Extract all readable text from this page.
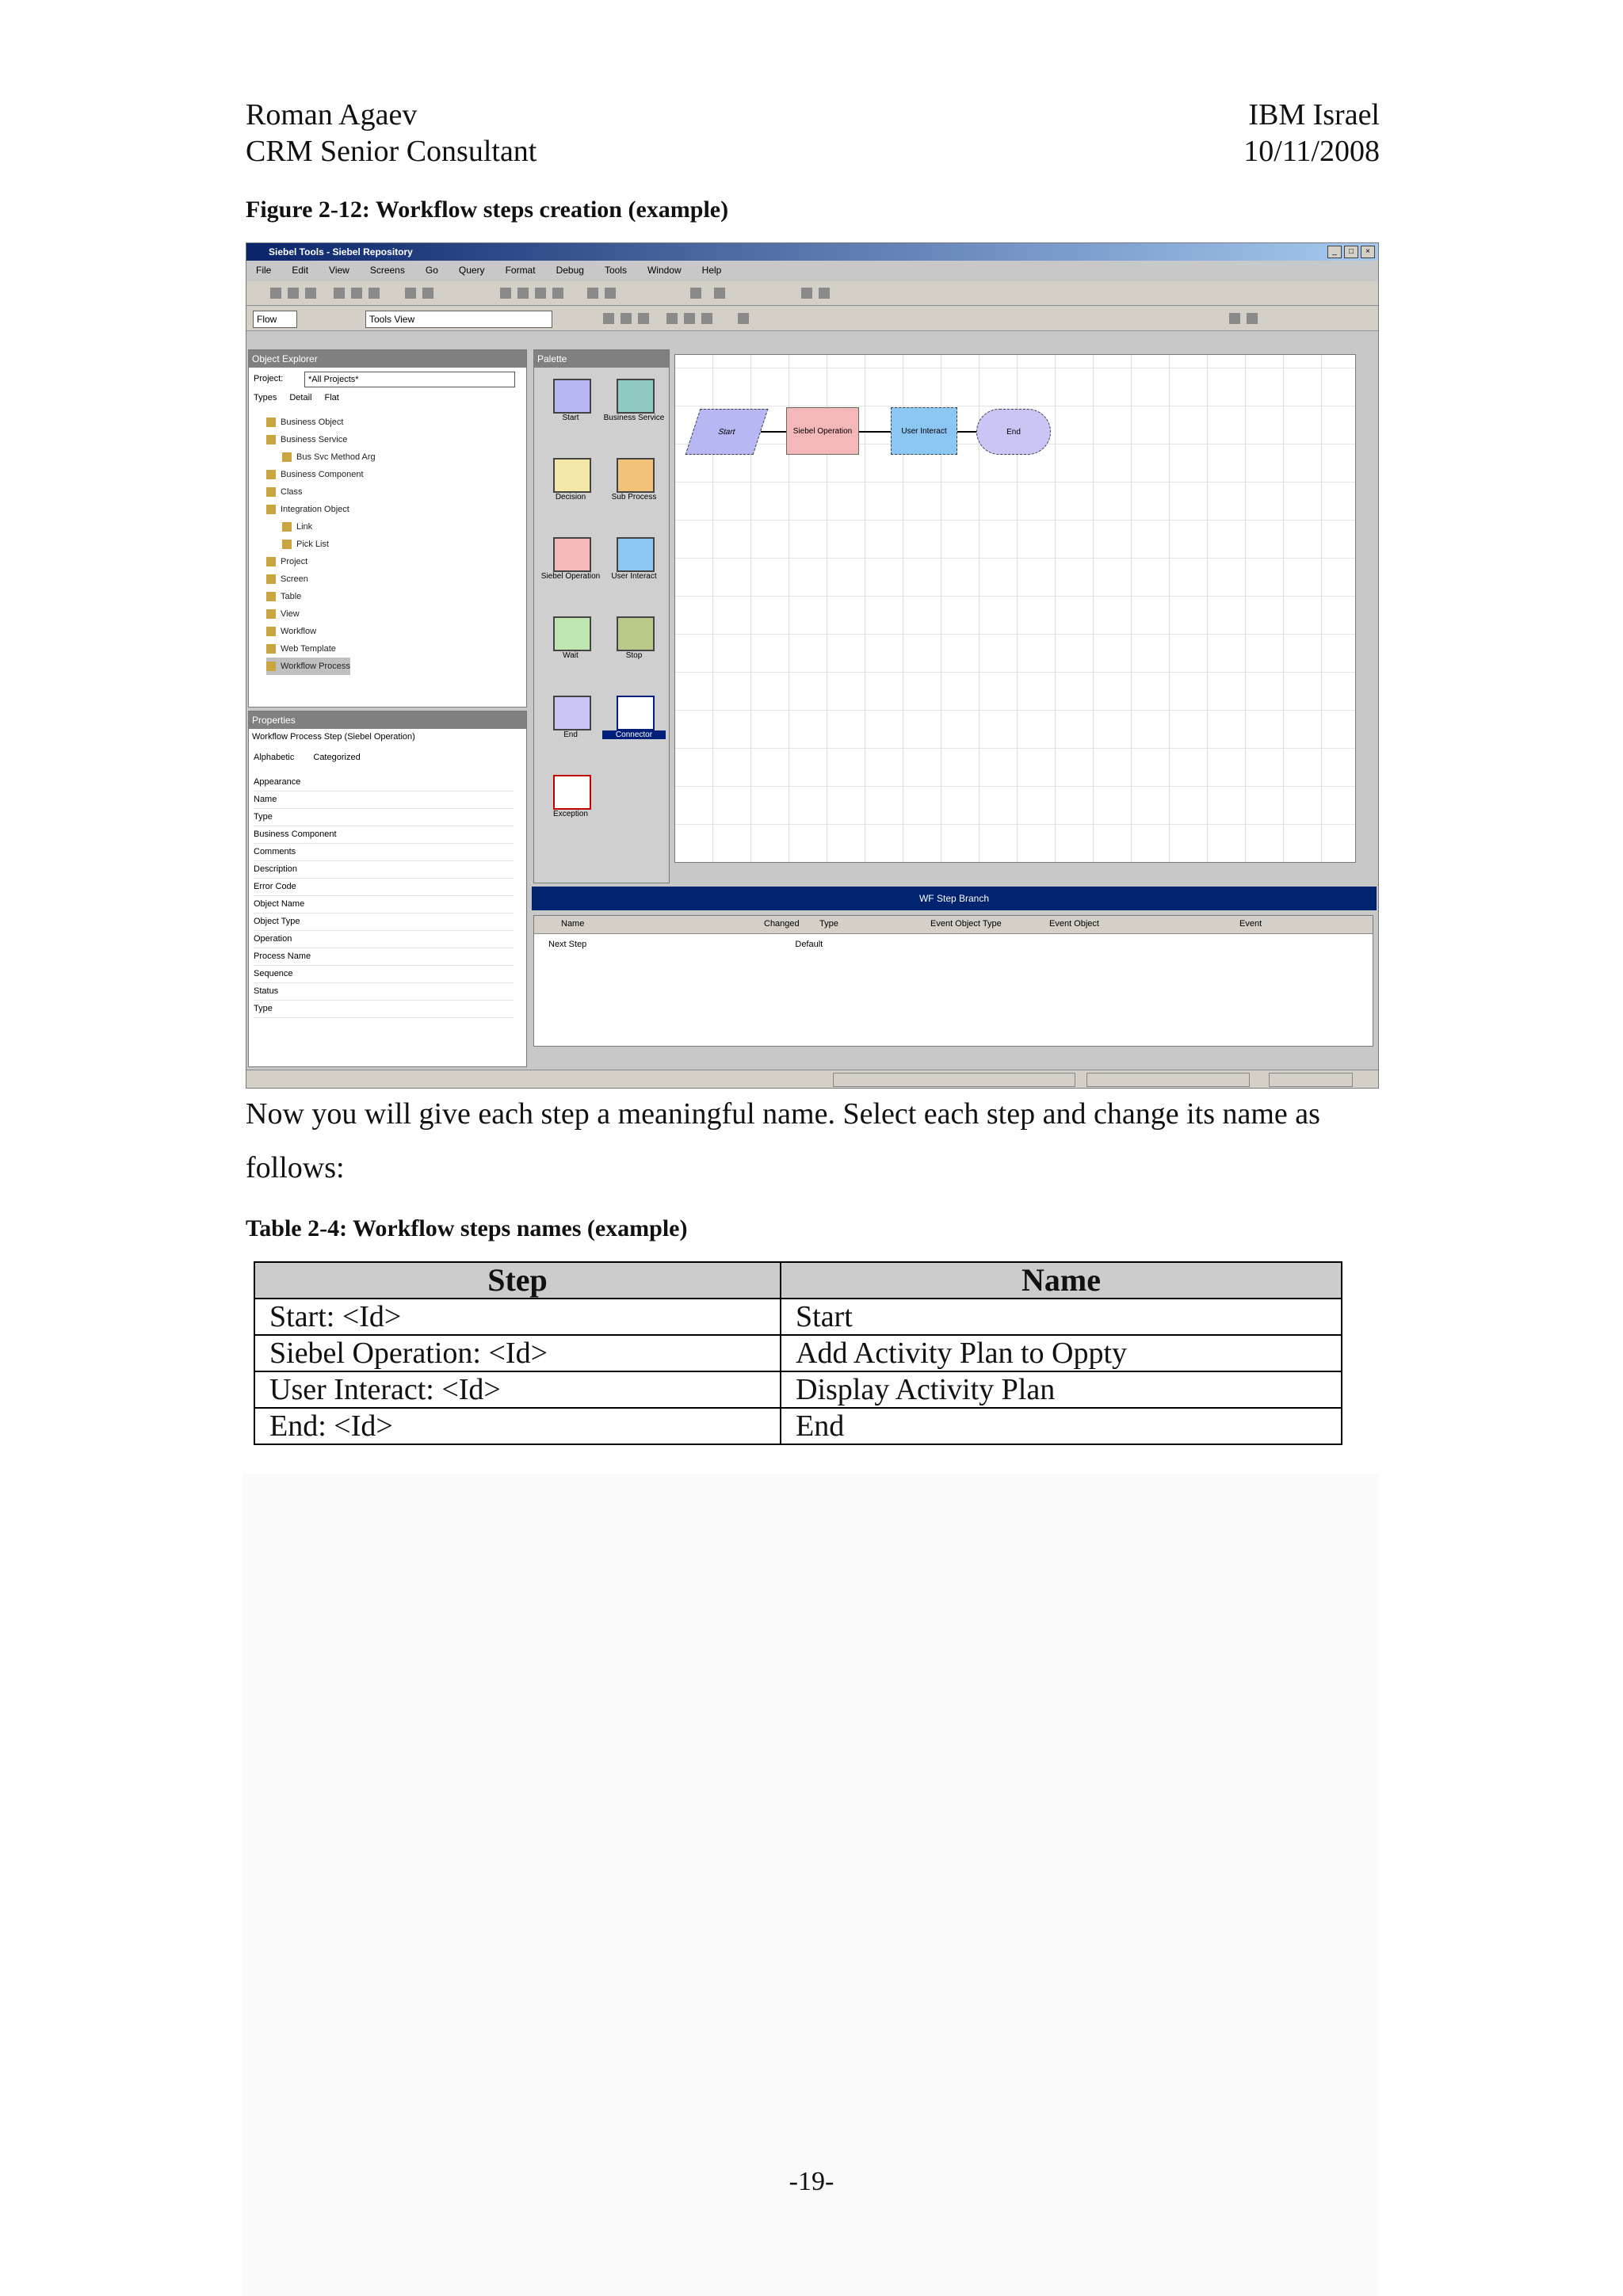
Roman Agaev
CRM Senior Consultant
IBM Israel
10/11/2008
Figure 2-12: Workflow steps creation (example)
Siebel Tools - Siebel Repository	_	□	×
File Edit View Screens Go Query Format Debug Tools Window Help
Flow	Tools View
Object Explorer
Project:	*All Projects*
Types Detail Flat
Business Object
Business Service
Bus Svc Method Arg
Business Component
Class
Integration Object
Link
Pick List
Project
Screen
Table
View
Workflow
Web Template
Workflow Process
Properties
Workflow Process Step (Siebel Operation)
Alphabetic Categorized
Appearance
Name
Type
Business Component
Comments
Description
Error Code
Object Name
Object Type
Operation
Process Name
Sequence
Status
Type
Palette
Start	Business Service
Decision	Sub Process
Siebel Operation	User Interact
Wait	Stop
End	Connector
Exception
Start	Siebel Operation	User Interact	End
WF Step Branch
Name	Changed Type	Event Object Type	Event Object	Event
Next Step	Default
Now you will give each step a meaningful name. Select each step and change its name as follows:
Table 2-4: Workflow steps names (example)
Step	Name
Start: <Id>	Start
Siebel Operation: <Id>	Add Activity Plan to Oppty
User Interact: <Id>	Display Activity Plan
End: <Id>	End
-19-
